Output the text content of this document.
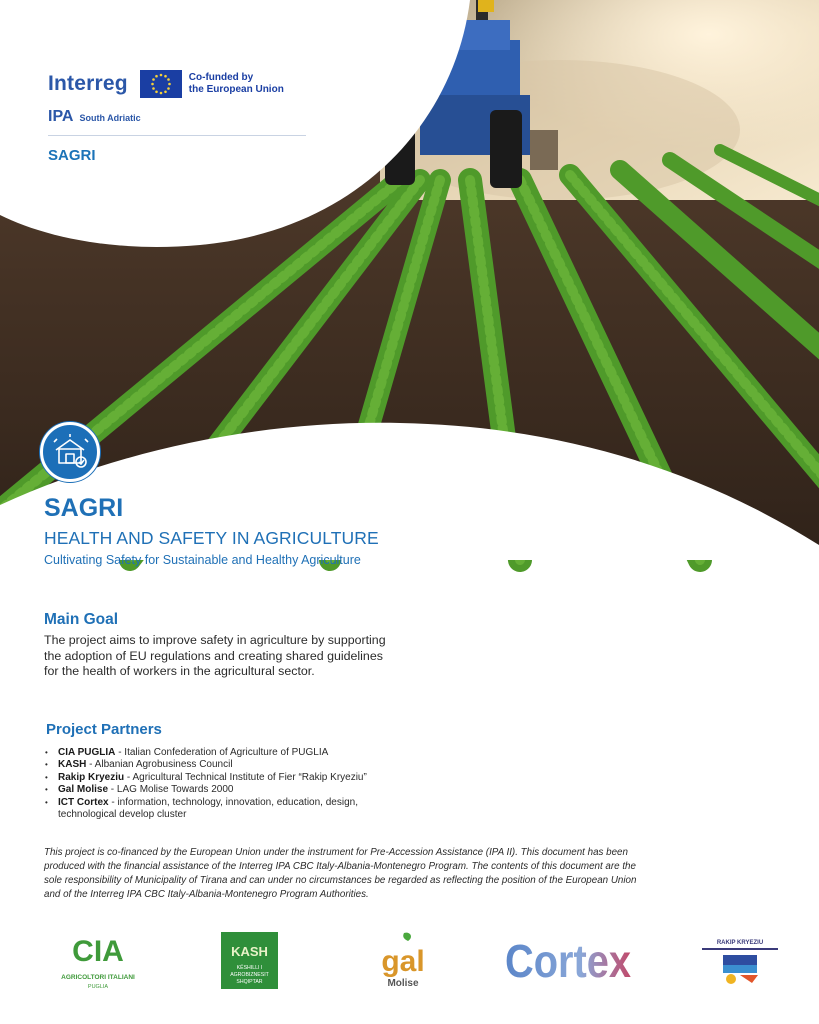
Interreg	Co-funded by
the European Union
IPA South Adriatic
SAGRI
SAGRI
HEALTH AND SAFETY IN AGRICULTURE
Cultivating Safety for Sustainable and Healthy Agriculture
Main Goal
The project aims to improve safety in agriculture by supporting
the adoption of EU regulations and creating shared guidelines
for the health of workers in the agricultural sector.
Project Partners
• CIA PUGLIA - Italian Confederation of Agriculture of PUGLIA
• KASH - Albanian Agrobusiness Council
• Rakip Kryeziu - Agricultural Technical Institute of Fier “Rakip Kryeziu”
• Gal Molise - LAG Molise Towards 2000
• ICT Cortex - information, technology, innovation, education, design,
technological develop cluster
This project is co-financed by the European Union under the instrument for Pre-Accession Assistance (IPA II). This document has been
produced with the financial assistance of the Interreg IPA CBC Italy-Albania-Montenegro Program. The contents of this document are the
sole responsibility of Municipality of Tirana and can under no circumstances be regarded as reflecting the position of the European Union
and of the Interreg IPA CBC Italy-Albania-Montenegro Program Authorities.
CIA
AGRICOLTORI ITALIANI
PUGLIA
KASH
KËSHILLI I
AGROBIZNESIT
SHQIPTAR
gal
Molise Cortex	RAKIP KRYEZIU
